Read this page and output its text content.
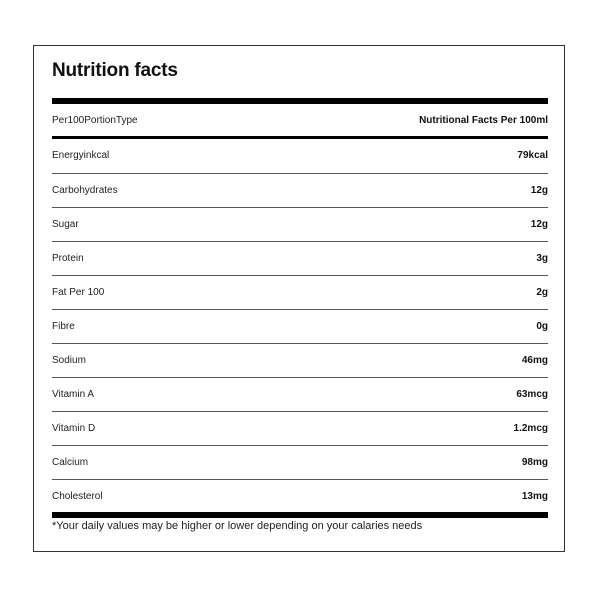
Nutrition facts
Per100PortionType	Nutritional Facts Per 100ml
Energyinkcal	79kcal
Carbohydrates	12g
Sugar	12g
Protein	3g
Fat Per 100	2g
Fibre	0g
Sodium	46mg
Vitamin A	63mcg
Vitamin D	1.2mcg
Calcium	98mg
Cholesterol	13mg
*Your daily values may be higher or lower depending on your calaries needs
